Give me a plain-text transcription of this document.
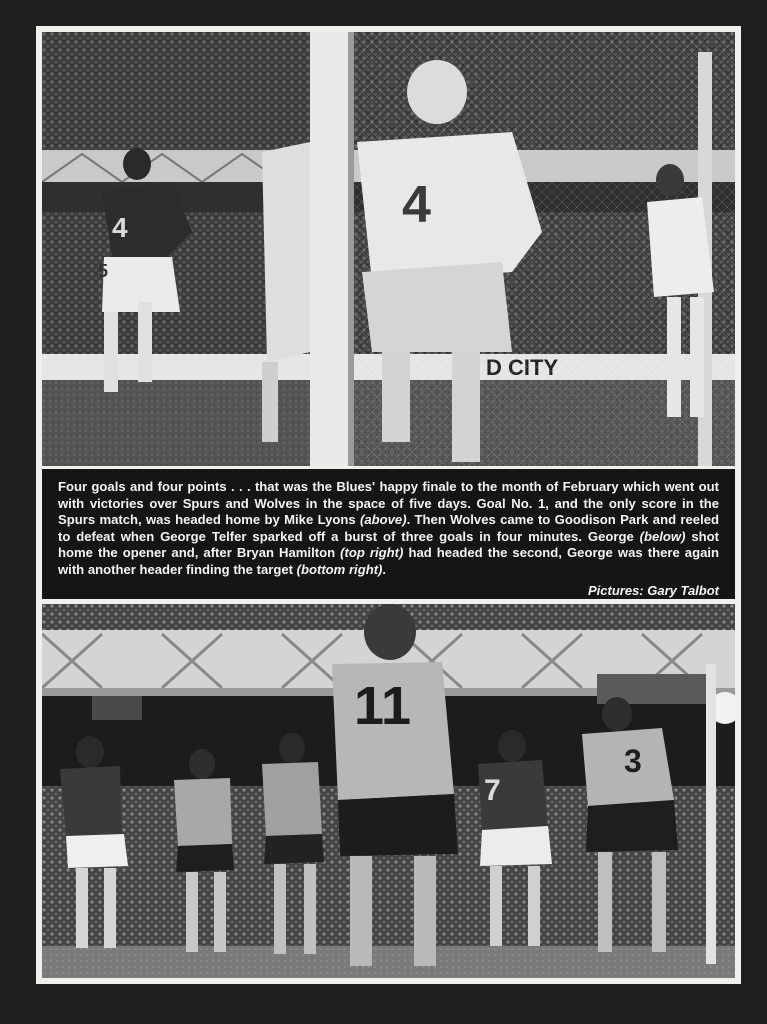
4
5
4

Four goals and four points . . . that was the Blues' happy finale to the month of February which went out with victories over Spurs and Wolves in the space of five days. Goal No. 1, and the only score in the Spurs match, was headed home by Mike Lyons (above). Then Wolves came to Goodison Park and reeled to defeat when George Telfer sparked off a burst of three goals in four minutes. George (below) shot home the opener and, after Bryan Hamilton (top right) had headed the second, George was there again with another header finding the target (bottom right).

Pictures: Gary Talbot
11
7
3
